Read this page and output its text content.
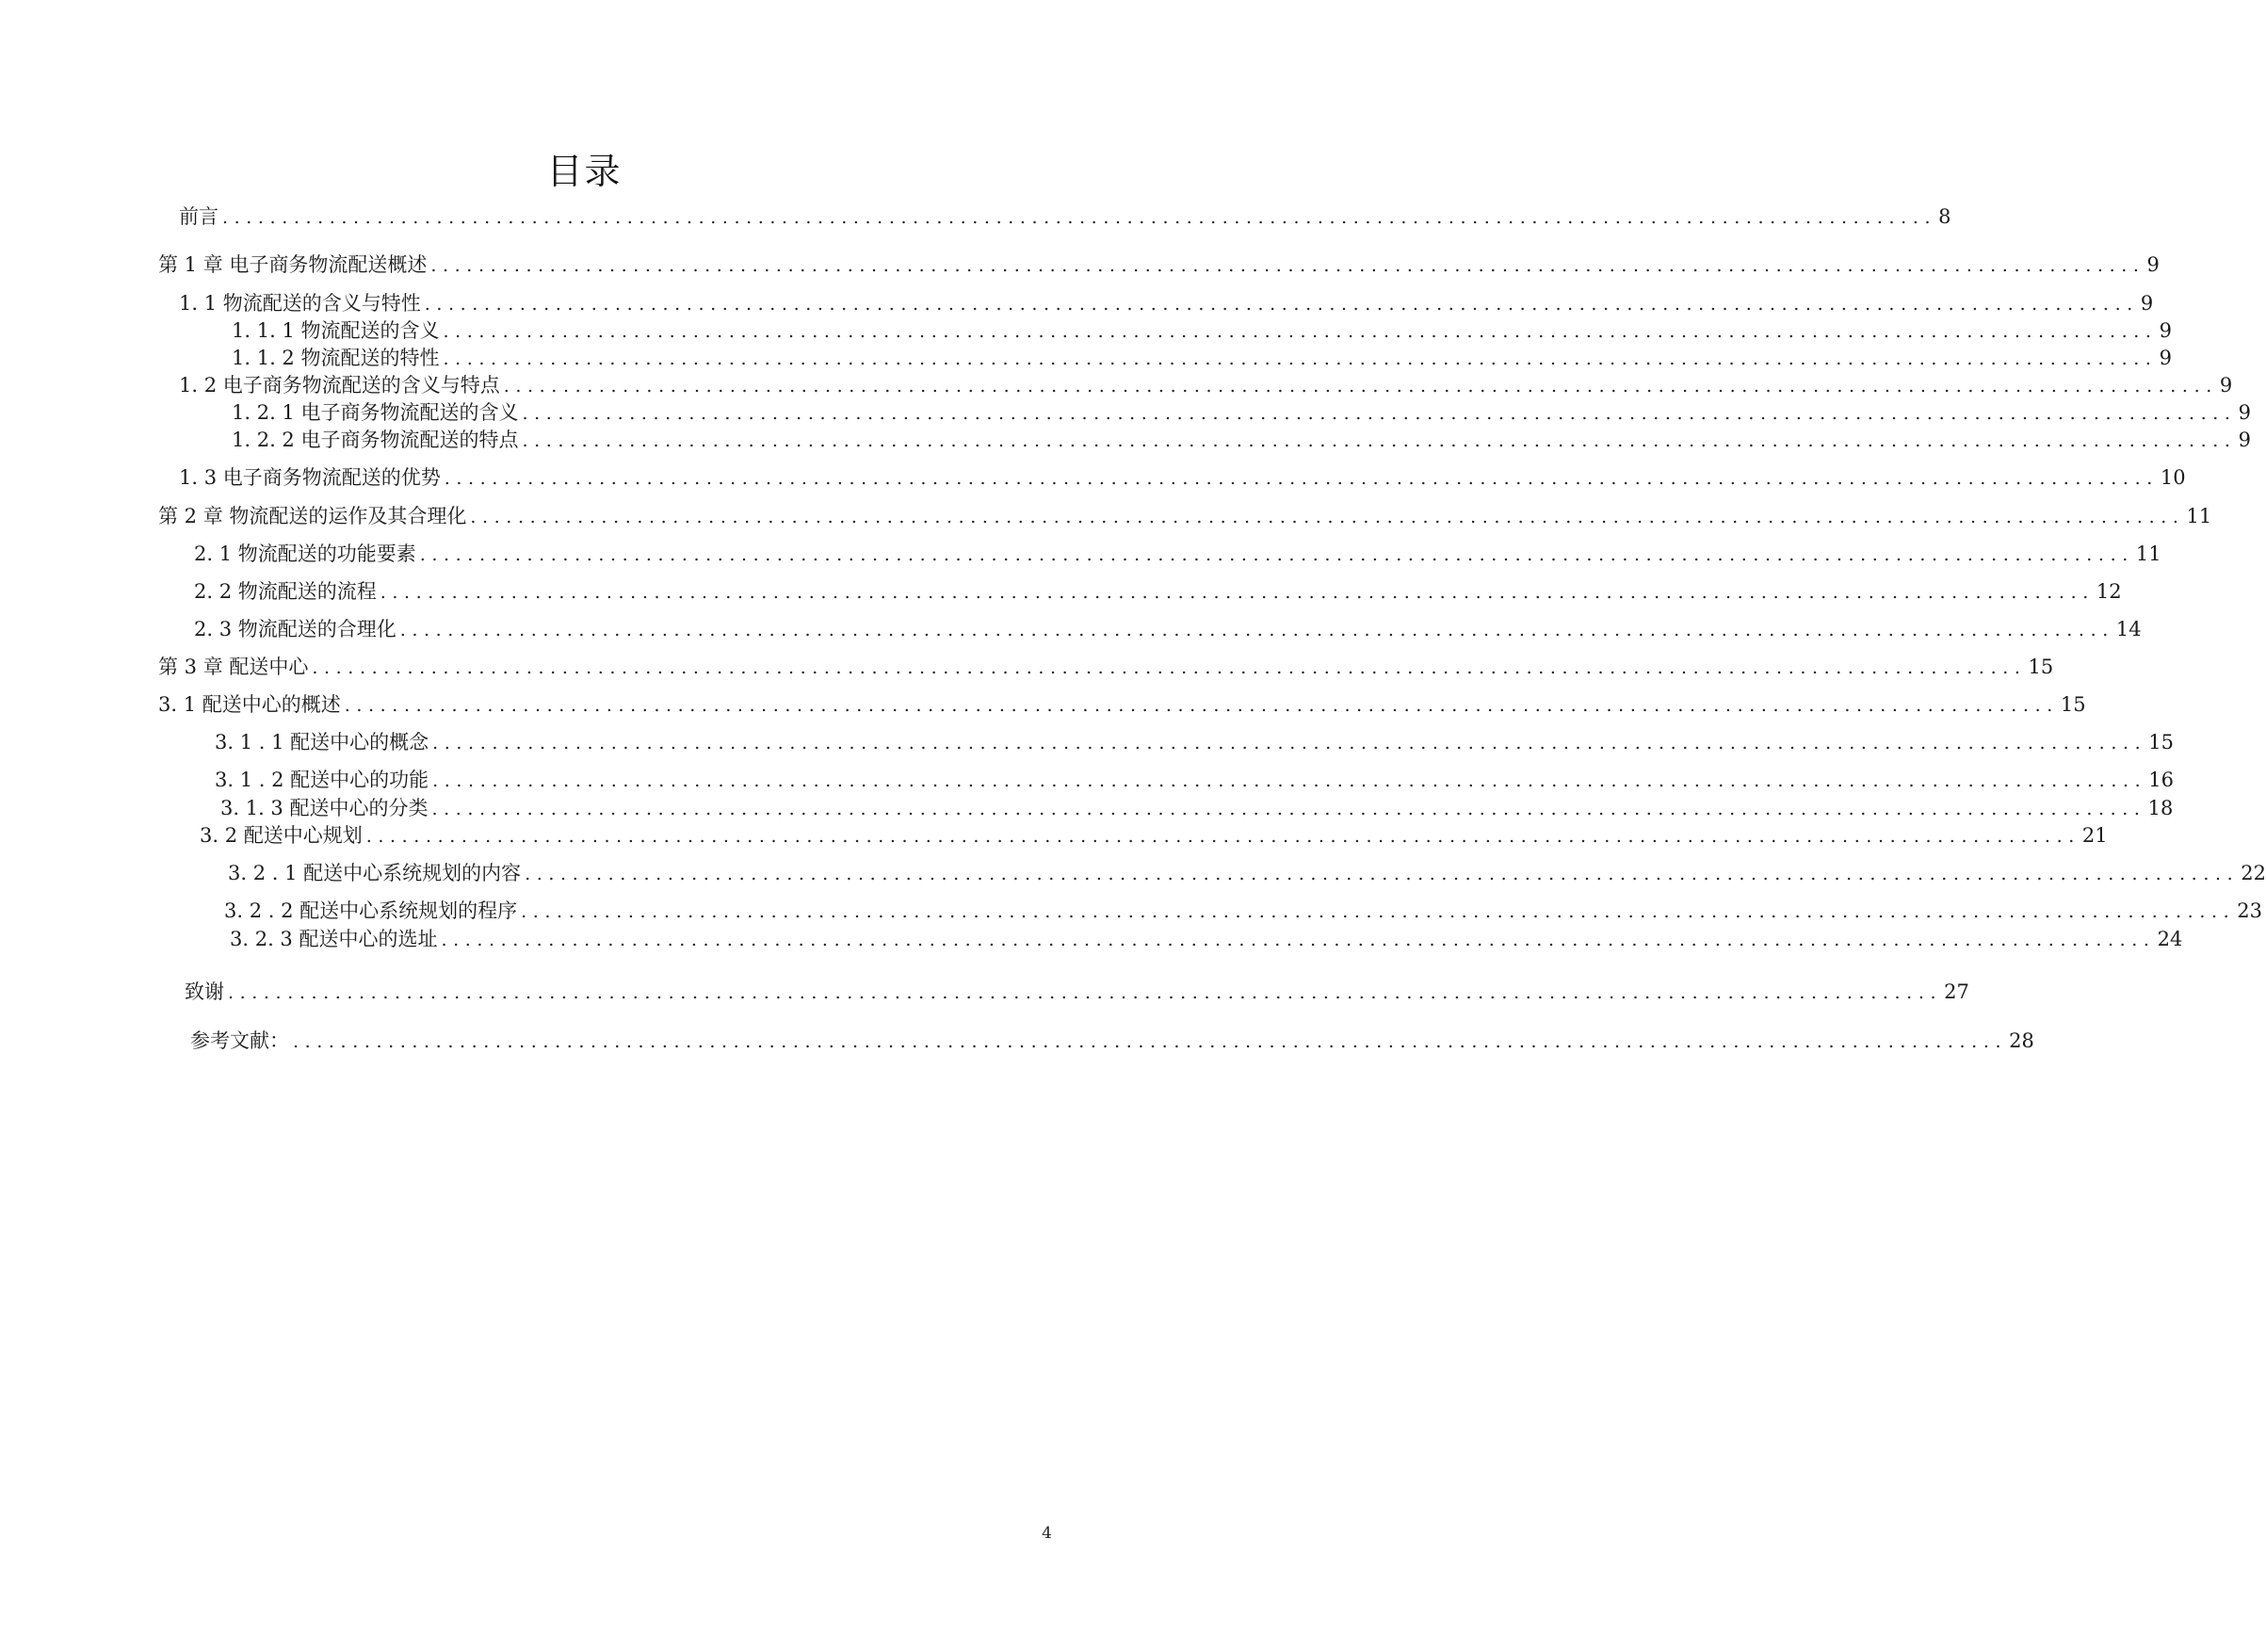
目录
前言 ................................................................................................................................................ 8
第 1 章 电子商务物流配送概述 ................................................................................................................................................ 9
1. 1 物流配送的含义与特性 ................................................................................................................................................ 9
1. 1. 1 物流配送的含义 ................................................................................................................................................ 9
1. 1. 2 物流配送的特性 ................................................................................................................................................ 9
1. 2 电子商务物流配送的含义与特点 ................................................................................................................................................ 9
1. 2. 1 电子商务物流配送的含义 ................................................................................................................................................ 9
1. 2. 2 电子商务物流配送的特点 ................................................................................................................................................ 9
1. 3 电子商务物流配送的优势 ................................................................................................................................................ 10
第 2 章 物流配送的运作及其合理化 ................................................................................................................................................ 11
2. 1 物流配送的功能要素 ................................................................................................................................................ 11
2. 2 物流配送的流程 ................................................................................................................................................ 12
2. 3 物流配送的合理化 ................................................................................................................................................ 14
第 3 章 配送中心 ................................................................................................................................................ 15
3. 1 配送中心的概述 ................................................................................................................................................ 15
3. 1 . 1 配送中心的概念 ................................................................................................................................................ 15
3. 1 . 2 配送中心的功能 ................................................................................................................................................ 16
3. 1. 3 配送中心的分类 ................................................................................................................................................ 18
3. 2 配送中心规划 ................................................................................................................................................ 21
3. 2 . 1 配送中心系统规划的内容 ................................................................................................................................................ 22
3. 2 . 2 配送中心系统规划的程序 ................................................................................................................................................ 23
3. 2. 3 配送中心的选址 ................................................................................................................................................ 24
致谢 ................................................................................................................................................ 27
参考文献： ................................................................................................................................................ 28
4
